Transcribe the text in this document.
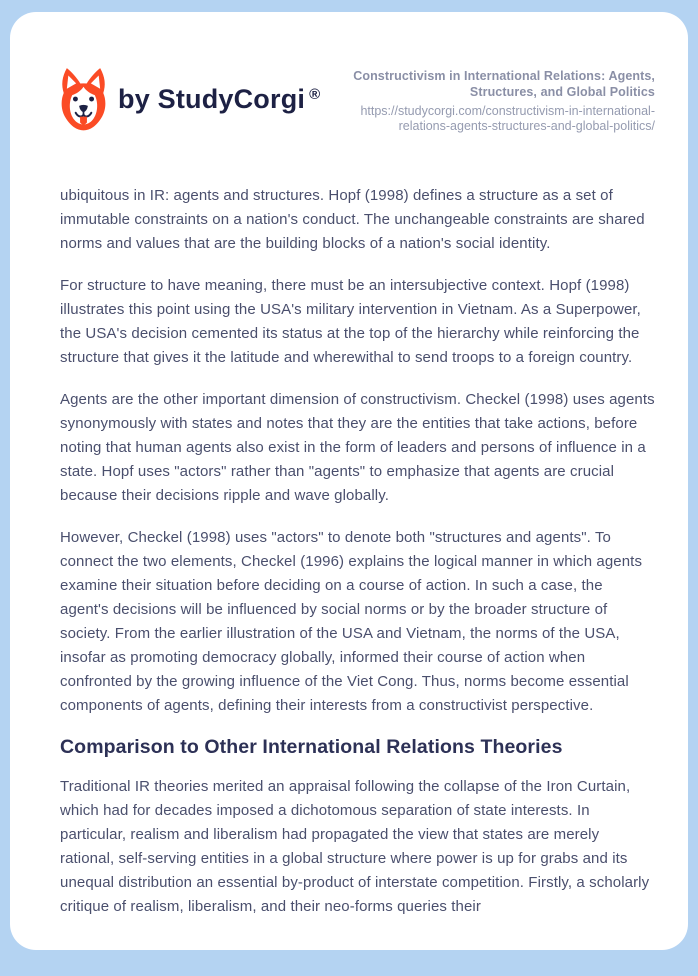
by StudyCorgi ®
Constructivism in International Relations: Agents, Structures, and Global Politics
https://studycorgi.com/constructivism-in-international-relations-agents-structures-and-global-politics/

ubiquitous in IR: agents and structures. Hopf (1998) defines a structure as a set of immutable constraints on a nation's conduct. The unchangeable constraints are shared norms and values that are the building blocks of a nation's social identity.

For structure to have meaning, there must be an intersubjective context. Hopf (1998) illustrates this point using the USA's military intervention in Vietnam. As a Superpower, the USA's decision cemented its status at the top of the hierarchy while reinforcing the structure that gives it the latitude and wherewithal to send troops to a foreign country.

Agents are the other important dimension of constructivism. Checkel (1998) uses agents synonymously with states and notes that they are the entities that take actions, before noting that human agents also exist in the form of leaders and persons of influence in a state. Hopf uses "actors" rather than "agents" to emphasize that agents are crucial because their decisions ripple and wave globally.

However, Checkel (1998) uses "actors" to denote both "structures and agents". To connect the two elements, Checkel (1996) explains the logical manner in which agents examine their situation before deciding on a course of action. In such a case, the agent's decisions will be influenced by social norms or by the broader structure of society. From the earlier illustration of the USA and Vietnam, the norms of the USA, insofar as promoting democracy globally, informed their course of action when confronted by the growing influence of the Viet Cong. Thus, norms become essential components of agents, defining their interests from a constructivist perspective.

Comparison to Other International Relations Theories

Traditional IR theories merited an appraisal following the collapse of the Iron Curtain, which had for decades imposed a dichotomous separation of state interests. In particular, realism and liberalism had propagated the view that states are merely rational, self-serving entities in a global structure where power is up for grabs and its unequal distribution an essential by-product of interstate competition. Firstly, a scholarly critique of realism, liberalism, and their neo-forms queries their
